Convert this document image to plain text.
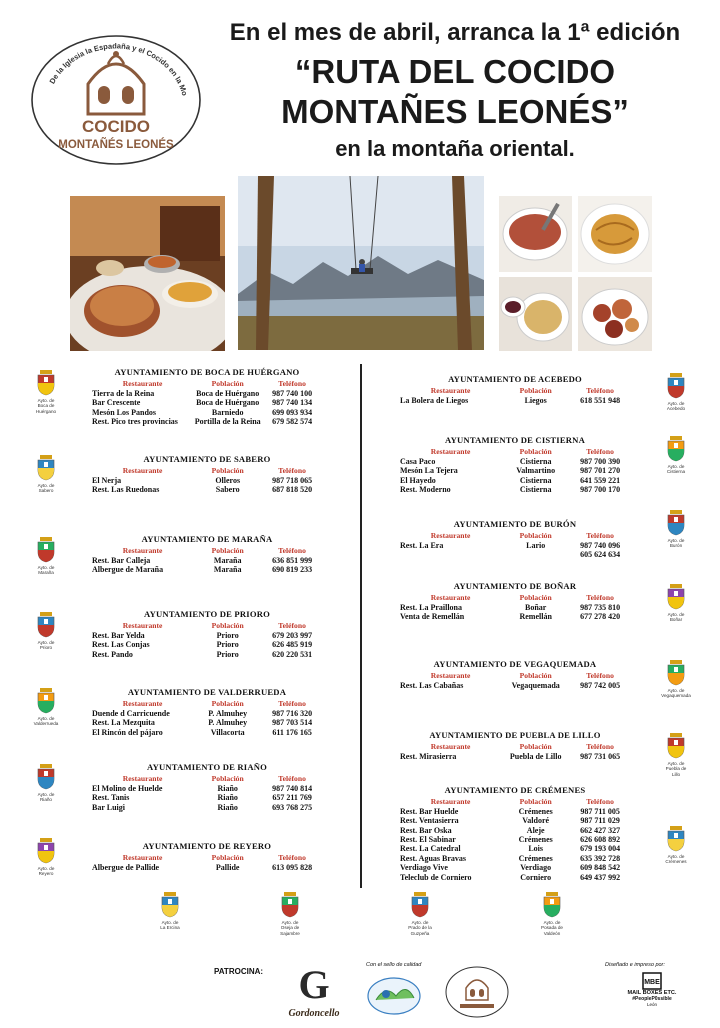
De la Iglesia la Espadaña y el Cocido en la Mo
COCIDO
MONTAÑÉS LEONÉS
En el mes de abril, arranca la 1ª edición
“RUTA DEL COCIDO
MONTAÑES LEONÉS”
en la montaña oriental.
AYUNTAMIENTO DE BOCA DE HUÉRGANO
Restaurante	Población	Teléfono
Tierra de la Reina	Boca de Huérgano	987 740 100
Bar Crescente	Boca de Huérgano	987 740 134
Mesón Los Pandos	Barniedo	699 093 934
Rest. Pico tres provincias	Portilla de la Reina	679 582 574
AYUNTAMIENTO DE SABERO
Restaurante	Población	Teléfono
El Nerja	Olleros	987 718 065
Rest. Las Ruedonas	Sabero	687 818 520
AYUNTAMIENTO DE MARAÑA
Restaurante	Población	Teléfono
Rest. Bar Calleja	Maraña	636 851 999
Albergue de Maraña	Maraña	690 819 233
AYUNTAMIENTO DE PRIORO
Restaurante	Población	Teléfono
Rest. Bar Yelda	Prioro	679 203 997
Rest. Las Conjas	Prioro	626 485 919
Rest. Pando	Prioro	620 220 531
AYUNTAMIENTO DE VALDERRUEDA
Restaurante	Población	Teléfono
Duende d Carricuende	P. Almuhey	987 716 320
Rest. La Mezquita	P. Almuhey	987 703 514
El Rincón del pájaro	Villacorta	611 176 165
AYUNTAMIENTO DE RIAÑO
Restaurante	Población	Teléfono
El Molino de Huelde	Riaño	987 740 814
Rest. Tanis	Riaño	657 211 769
Bar Luigi	Riaño	693 768 275
AYUNTAMIENTO DE REYERO
Restaurante	Población	Teléfono
Albergue de Pallide	Pallide	613 095 828
AYUNTAMIENTO DE ACEBEDO
Restaurante	Población	Teléfono
La Bolera de Liegos	Liegos	618 551 948
AYUNTAMIENTO DE CISTIERNA
Restaurante	Población	Teléfono
Casa Paco	Cistierna	987 700 390
Mesón La Tejera	Valmartino	987 701 270
El Hayedo	Cistierna	641 559 221
Rest. Moderno	Cistierna	987 700 170
AYUNTAMIENTO DE BURÓN
Restaurante	Población	Teléfono
Rest. La Era	Lario	987 740 096
		605 624 634
AYUNTAMIENTO DE BOÑAR
Restaurante	Población	Teléfono
Rest. La Praillona	Boñar	987 735 810
Venta de Remellán	Remellán	677 278 420
AYUNTAMIENTO DE VEGAQUEMADA
Restaurante	Población	Teléfono
Rest. Las Cabañas	Vegaquemada	987 742 005
AYUNTAMIENTO DE PUEBLA DE LILLO
Restaurante	Población	Teléfono
Rest. Mirasierra	Puebla de Lillo	987 731 065
AYUNTAMIENTO DE CRÉMENES
Restaurante	Población	Teléfono
Rest. Bar Huelde	Crémenes	987 711 005
Rest. Ventasierra	Valdoré	987 711 029
Rest. Bar Oska	Aleje	662 427 327
Rest. El Sabinar	Crémenes	626 608 892
Rest. La Catedral	Lois	679 193 004
Rest. Aguas Bravas	Crémenes	635 392 728
Verdiago Vive	Verdiago	609 848 542
Teleclub de Corniero	Corniero	649 437 992
Ayto. de
Boca de
Huérgano
Ayto. de
Sabero
Ayto. de
Maraña
Ayto. de
Prioro
Ayto. de
Valderrueda
Ayto. de
Riaño
Ayto. de
Reyero
Ayto. de
Acebedo
Ayto. de
Cistierna
Ayto. de
Burón
Ayto. de
Boñar
Ayto. de
Vegaquemada
Ayto. de
Puebla de
Lillo
Ayto. de
Crémenes
Ayto. de
La Ercina
Ayto. de
Oseja de
Sajambre
Ayto. de
Prado de la
Guzpeña
Ayto. de
Posada de
Valdeón
PATROCINA: G
Gordoncello
Con el sello de calidad	Diseñado e impreso por:
MBE
MAIL BOXES ETC.
#PeopleP0ssible
León
